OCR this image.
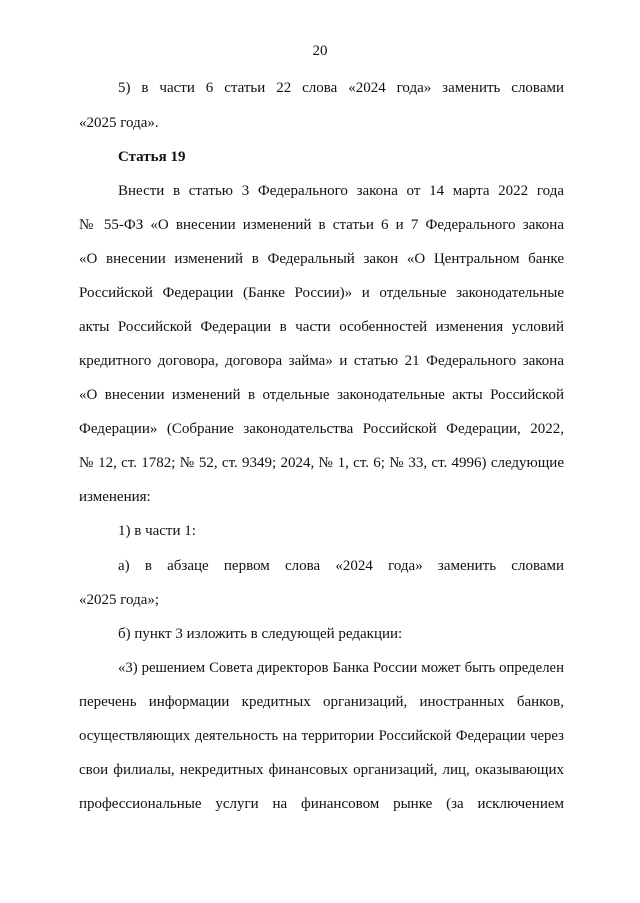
20
5) в части 6 статьи 22 слова «2024 года» заменить словами
«2025 года».
Статья 19
Внести в статью 3 Федерального закона от 14 марта 2022 года
№ 55-ФЗ «О внесении изменений в статьи 6 и 7 Федерального закона
«О внесении изменений в Федеральный закон «О Центральном банке
Российской Федерации (Банке России)» и отдельные законодательные
акты Российской Федерации в части особенностей изменения условий
кредитного договора, договора займа» и статью 21 Федерального закона
«О внесении изменений в отдельные законодательные акты Российской
Федерации» (Собрание законодательства Российской Федерации, 2022,
№ 12, ст. 1782; № 52, ст. 9349; 2024, № 1, ст. 6; № 33, ст. 4996) следующие
изменения:
1) в части 1:
а) в абзаце первом слова «2024 года» заменить словами
«2025 года»;
б) пункт 3 изложить в следующей редакции:
«3) решением Совета директоров Банка России может быть определен
перечень информации кредитных организаций, иностранных банков,
осуществляющих деятельность на территории Российской Федерации через
свои филиалы, некредитных финансовых организаций, лиц, оказывающих
профессиональные услуги на финансовом рынке (за исключением
